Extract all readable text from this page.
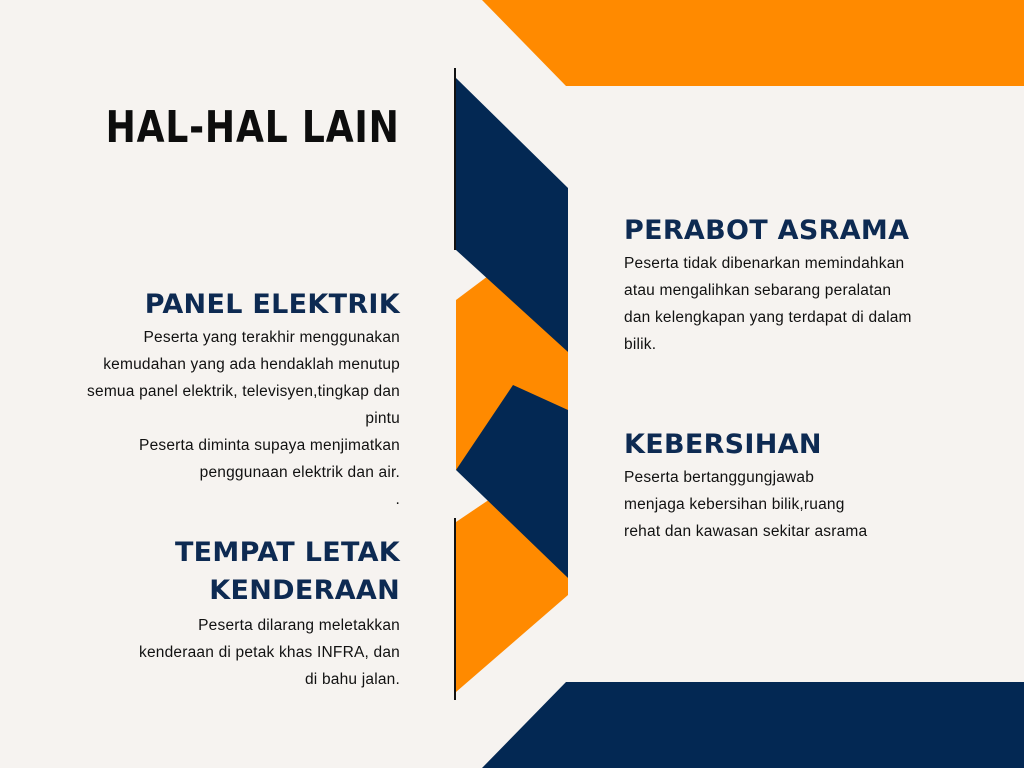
HAL-HAL LAIN
PANEL ELEKTRIK

Peserta yang terakhir menggunakan
kemudahan yang ada hendaklah menutup
semua panel elektrik, televisyen,tingkap dan
pintu
Peserta diminta supaya menjimatkan
penggunaan elektrik dan air.
.

TEMPAT LETAK
KENDERAAN

Peserta dilarang meletakkan
kenderaan di petak khas INFRA, dan
di bahu jalan.

PERABOT ASRAMA

Peserta tidak dibenarkan memindahkan
atau mengalihkan sebarang peralatan
dan kelengkapan yang terdapat di dalam
bilik.

KEBERSIHAN

Peserta bertanggungjawab
menjaga kebersihan bilik,ruang
rehat dan kawasan sekitar asrama
